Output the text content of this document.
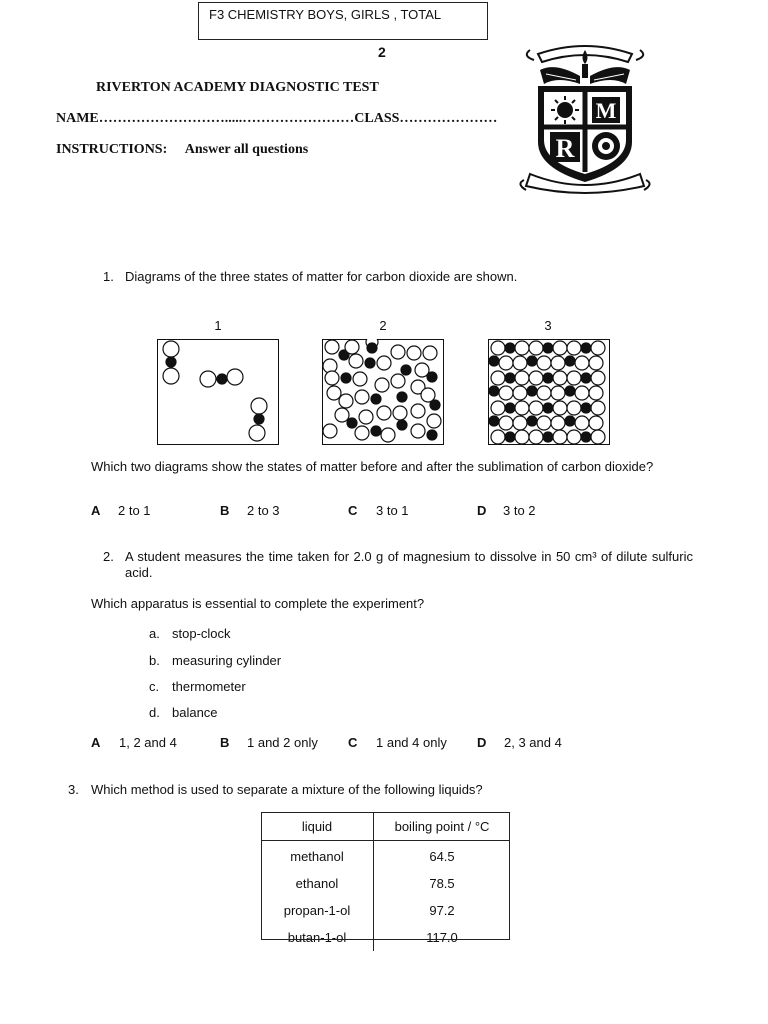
F3 CHEMISTRY BOYS, GIRLS , TOTAL
2
RIVERTON ACADEMY DIAGNOSTIC TEST
NAME……………………….....……………………CLASS…………………
INSTRUCTIONS: Answer all questions
M
R
1. Diagrams of the three states of matter for carbon dioxide are shown.
1	2	3
Which two diagrams show the states of matter before and after the sublimation of carbon dioxide?
A 2 to 1	B 2 to 3	C 3 to 1	D 3 to 2
2. A student measures the time taken for 2.0 g of magnesium to dissolve in 50 cm³ of dilute sulfuric acid.
Which apparatus is essential to complete the experiment?
a. stop-clock
b. measuring cylinder
c. thermometer
d. balance
A 1, 2 and 4	B 1 and 2 only C 1 and 4 only D 2, 3 and 4
3. Which method is used to separate a mixture of the following liquids?
liquid	boiling point / °C
methanol	64.5
ethanol	78.5
propan-1-ol	97.2
butan-1-ol	117.0
